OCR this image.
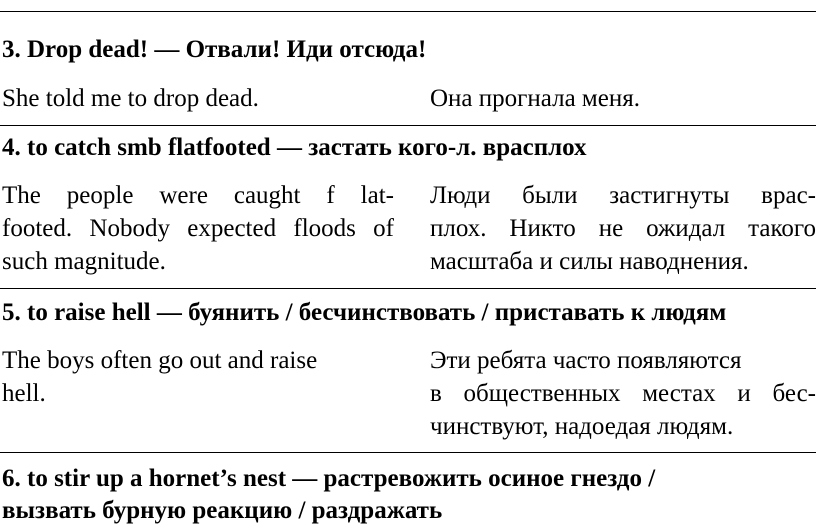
3. Drop dead! — Отвали! Иди отсюда!
She told me to drop dead.	Она прогнала меня.
4. to catch smb flatfooted — застать кого-л. врасплох
The people were caught f lat-
footed. Nobody expected floods of
such magnitude.
Люди были застигнуты врас-
плох. Никто не ожидал такого
масштаба и силы наводнения.
5. to raise hell — буянить / бесчинствовать / приставать к людям
The boys often go out and raise
hell.
Эти ребята часто появляются
в общественных местах и бес-
чинствуют, надоедая людям.
6. to stir up a hornet’s nest — растревожить осиное гнездо /
вызвать бурную реакцию / раздражать
